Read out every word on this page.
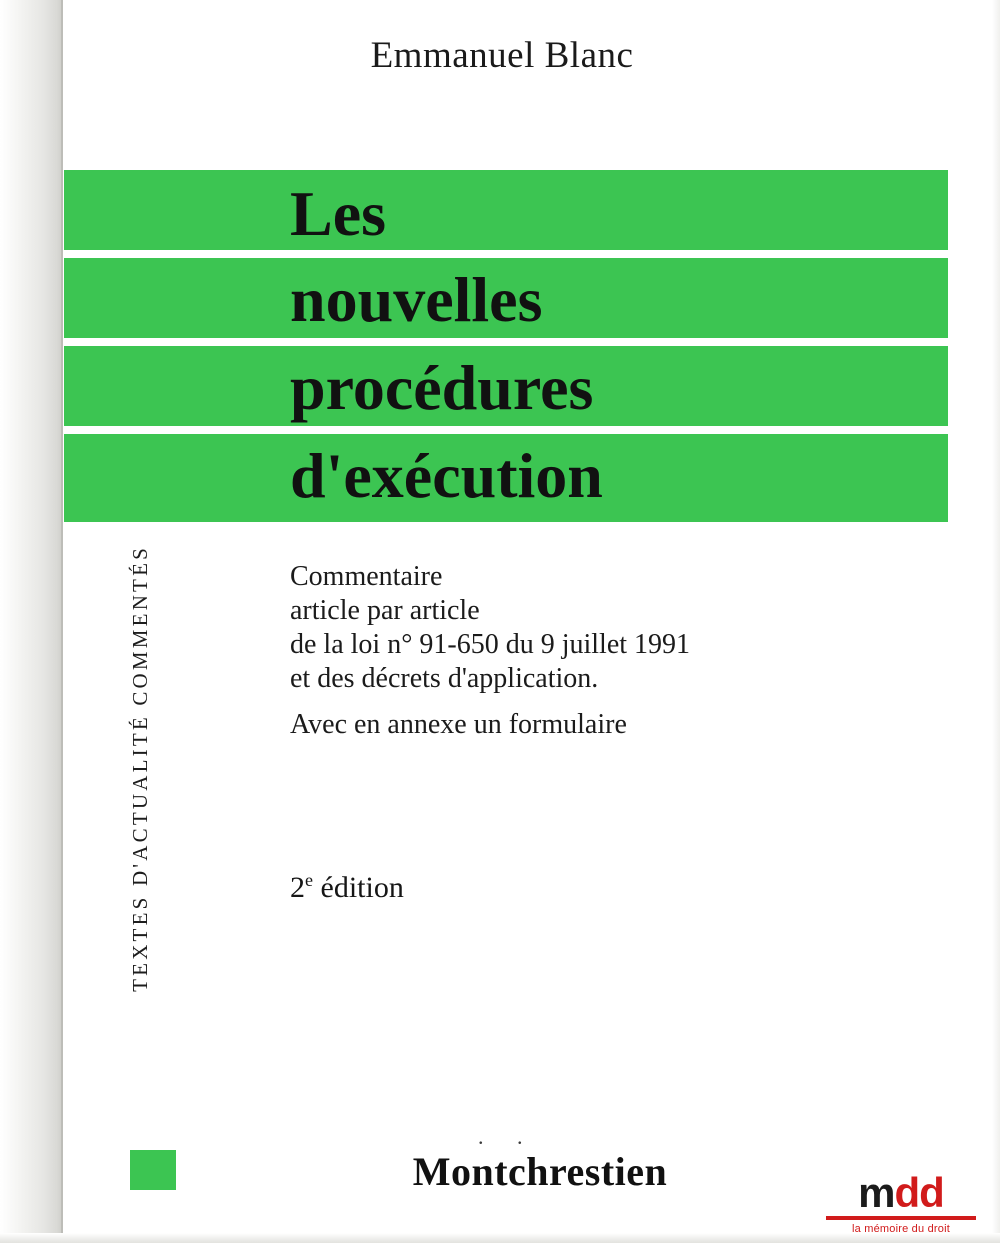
Emmanuel Blanc
Les
nouvelles
procédures
d'exécution
TEXTES D'ACTUALITÉ COMMENTÉS	Commentaire
article par article
de la loi n° 91-650 du 9 juillet 1991
et des décrets d'application.
Avec en annexe un formulaire
2e édition
. .
Montchrestien	mdd
la mémoire du droit
